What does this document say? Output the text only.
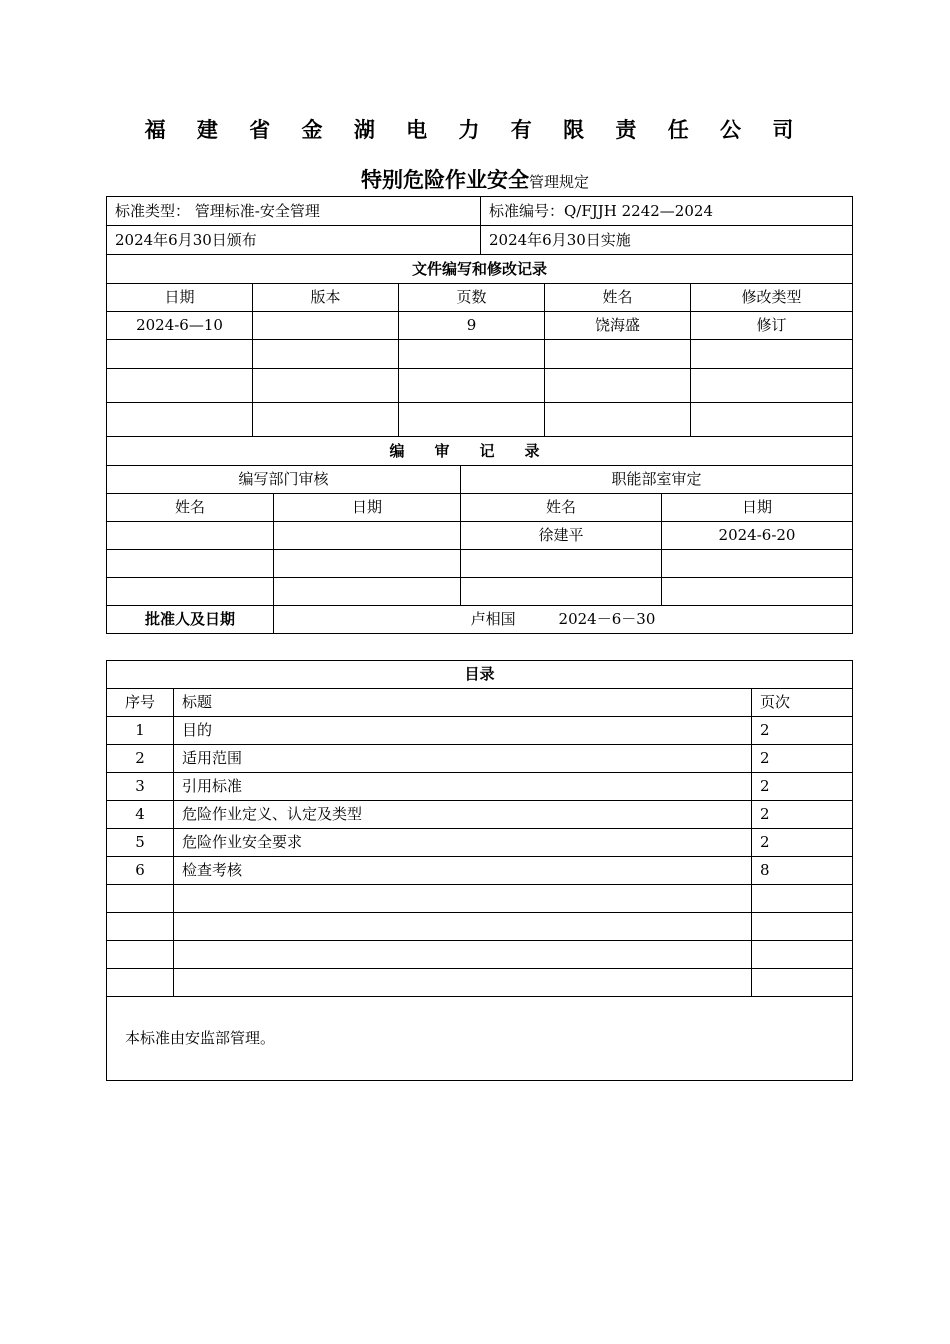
福 建 省 金 湖 电 力 有 限 责 任 公 司
特别危险作业安全管理规定
标准类型： 管理标准-安全管理			标准编号：Q/FJJH 2242—2024		
2024年6月30日颁布			2024年6月30日实施		
文件编写和修改记录					
日期	版本	页数		姓名	修改类型
2024-6—10		9		饶海盛	修订

编审记录			
编写部门审核		职能部室审定	
姓名	日期	姓名	日期
		徐建平	2024-6-20

批准人及日期	卢相国         2024－6－30		
目录		
序号	标题	页次
1	目的	2
2	适用范围	2
3	引用标准	2
4	危险作业定义、认定及类型	2
5	危险作业安全要求	2
6	检查考核	8

本标准由安监部管理。		
